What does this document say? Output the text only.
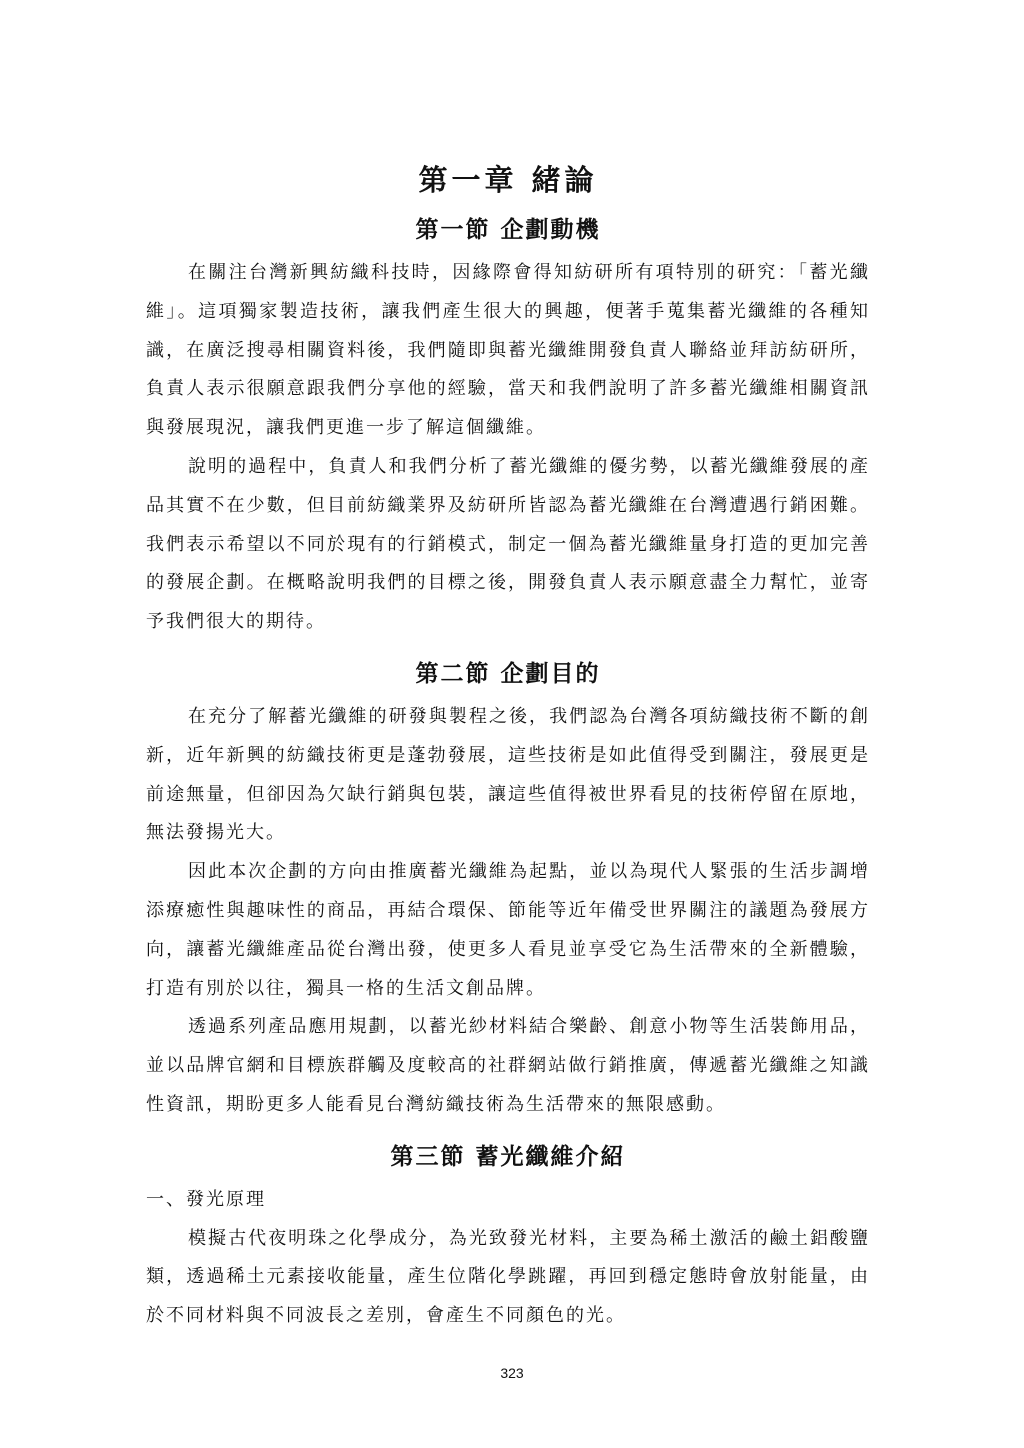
第一章 緒論
第一節 企劃動機

在關注台灣新興紡織科技時，因緣際會得知紡研所有項特別的研究：「蓄光纖維」。這項獨家製造技術，讓我們產生很大的興趣，便著手蒐集蓄光纖維的各種知識，在廣泛搜尋相關資料後，我們隨即與蓄光纖維開發負責人聯絡並拜訪紡研所，負責人表示很願意跟我們分享他的經驗，當天和我們說明了許多蓄光纖維相關資訊與發展現況，讓我們更進一步了解這個纖維。

說明的過程中，負責人和我們分析了蓄光纖維的優劣勢，以蓄光纖維發展的產品其實不在少數，但目前紡織業界及紡研所皆認為蓄光纖維在台灣遭遇行銷困難。我們表示希望以不同於現有的行銷模式，制定一個為蓄光纖維量身打造的更加完善的發展企劃。在概略說明我們的目標之後，開發負責人表示願意盡全力幫忙，並寄予我們很大的期待。

第二節 企劃目的

在充分了解蓄光纖維的研發與製程之後，我們認為台灣各項紡織技術不斷的創新，近年新興的紡織技術更是蓬勃發展，這些技術是如此值得受到關注，發展更是前途無量，但卻因為欠缺行銷與包裝，讓這些值得被世界看見的技術停留在原地，無法發揚光大。

因此本次企劃的方向由推廣蓄光纖維為起點，並以為現代人緊張的生活步調增添療癒性與趣味性的商品，再結合環保、節能等近年備受世界關注的議題為發展方向，讓蓄光纖維產品從台灣出發，使更多人看見並享受它為生活帶來的全新體驗，打造有別於以往，獨具一格的生活文創品牌。

透過系列產品應用規劃，以蓄光紗材料結合樂齡、創意小物等生活裝飾用品，並以品牌官網和目標族群觸及度較高的社群網站做行銷推廣，傳遞蓄光纖維之知識性資訊，期盼更多人能看見台灣紡織技術為生活帶來的無限感動。

第三節 蓄光纖維介紹

一、發光原理

模擬古代夜明珠之化學成分，為光致發光材料，主要為稀土激活的鹼土鋁酸鹽類，透過稀土元素接收能量，產生位階化學跳躍，再回到穩定態時會放射能量，由於不同材料與不同波長之差別，會產生不同顏色的光。

323
